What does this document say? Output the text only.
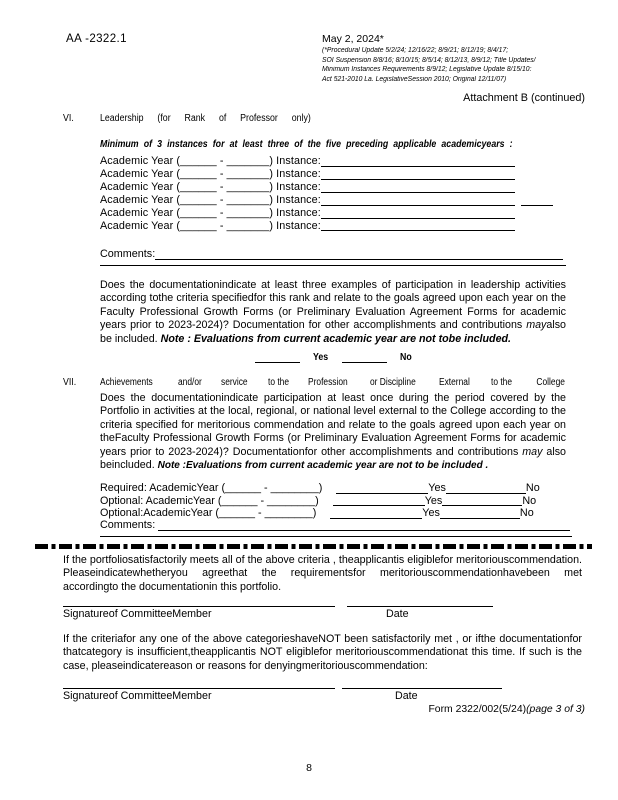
AA -2322.1	May 2, 2024*
(*Procedural Update 5/2/24; 12/16/22; 8/9/21; 8/12/19; 8/4/17;
SOI Suspension 8/8/16; 8/10/15; 8/5/14; 8/12/13, 8/9/12; Title Updates/
Minimum Instances Requirements 8/9/12; Legislative Update 8/15/10:
Act 521-2010 La. LegislativeSession 2010; Original 12/11/07)
Attachment B (continued)
VI.	Leadership (for Rank of Professor only)
Minimum of 3 instances for at least three of the five preceding applicable academicyears :
Academic Year (______ - _______) Instance:
Academic Year (______ - _______) Instance:
Academic Year (______ - _______) Instance:
Academic Year (______ - _______) Instance:
Academic Year (______ - _______) Instance:
Academic Year (______ - _______) Instance:
Comments:
Does the documentationindicate at least three examples of participation in leadership activities according tothe criteria specifiedfor this rank and relate to the goals agreed upon each year on the Faculty Professional Growth Forms (or Preliminary Evaluation Agreement Forms for academic years prior to 2023-2024)? Documentation for other accomplishments and contributions mayalso be included. Note : Evaluations from current academic year are not tobe included.
Yes	No
VII. Achievements	and/or service to the Profession or Discipline External to the College
Does the documentationindicate participation at least once during the period covered by the Portfolio in activities at the local, regional, or national level external to the College according to the criteria specified for meritorious commendation and relate to the goals agreed upon each year on theFaculty Professional Growth Forms (or Preliminary Evaluation Agreement Forms for academic years prior to 2023-2024)? Documentationfor other accomplishments and contributions may also beincluded. Note :Evaluations from current academic year are not to be included .
Required: AcademicYear (______ - ________)	Yes	No
Optional: AcademicYear (______ - ________)	Yes	No
Optional:AcademicYear (______ - ________)	Yes	No
Comments:
If the portfoliosatisfactorily meets all of the above criteria , theapplicantis eligiblefor meritoriouscommendation. Pleaseindicatewhetheryou agreethat the requirementsfor meritoriouscommendationhavebeen met accordingto the documentationin this portfolio.
Signatureof CommitteeMember	Date
If the criteriafor any one of the above categorieshaveNOT been satisfactorily met , or ifthe documentationfor thatcategory is insufficient,theapplicantis NOT eligiblefor meritoriouscommendationat this time. If such is the case, pleaseindicatereason or reasons for denyingmeritoriouscommendation:
Signatureof CommitteeMember	Date
Form 2322/002(5/24)(page 3 of 3)
8
